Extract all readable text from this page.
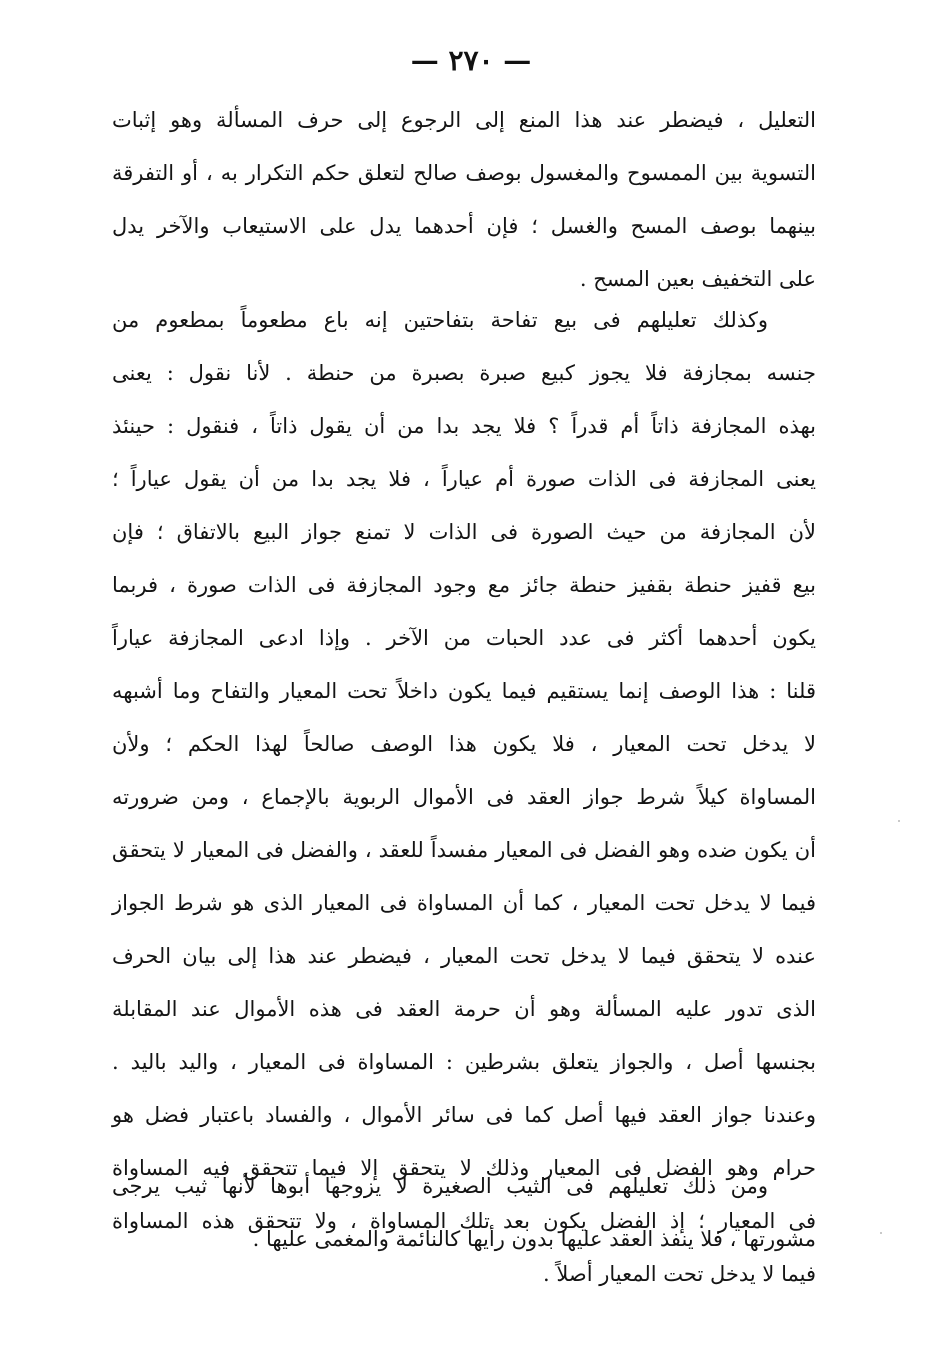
— ٢٧٠ —
التعليل ، فيضطر عند هذا المنع إلى الرجوع إلى حرف المسألة وهو إثبات
التسوية بين الممسوح والمغسول بوصف صالح لتعلق حكم التكرار به ، أو التفرقة
بينهما بوصف المسح والغسل ؛ فإن أحدهما يدل على الاستيعاب والآخر يدل
على التخفيف بعين المسح .
وكذلك تعليلهم فى بيع تفاحة بتفاحتين إنه باع مطعوماً بمطعوم من
جنسه بمجازفة فلا يجوز كبيع صبرة بصبرة من حنطة . لأنا نقول : يعنى
بهذه المجازفة ذاتاً أم قدراً ؟ فلا يجد بدا من أن يقول ذاتاً ، فنقول : حينئذ
يعنى المجازفة فى الذات صورة أم عياراً ، فلا يجد بدا من أن يقول عياراً ؛
لأن المجازفة من حيث الصورة فى الذات لا تمنع جواز البيع بالاتفاق ؛ فإن
بيع قفيز حنطة بقفيز حنطة جائز مع وجود المجازفة فى الذات صورة ، فربما
يكون أحدهما أكثر فى عدد الحبات من الآخر . وإذا ادعى المجازفة عياراً
قلنا : هذا الوصف إنما يستقيم فيما يكون داخلاً تحت المعيار والتفاح وما أشبهه
لا يدخل تحت المعيار ، فلا يكون هذا الوصف صالحاً لهذا الحكم ؛ ولأن
المساواة كيلاً شرط جواز العقد فى الأموال الربوية بالإجماع ، ومن ضرورته
أن يكون ضده وهو الفضل فى المعيار مفسداً للعقد ، والفضل فى المعيار لا يتحقق
فيما لا يدخل تحت المعيار ، كما أن المساواة فى المعيار الذى هو شرط الجواز
عنده لا يتحقق فيما لا يدخل تحت المعيار ، فيضطر عند هذا إلى بيان الحرف
الذى تدور عليه المسألة وهو أن حرمة العقد فى هذه الأموال عند المقابلة
بجنسها أصل ، والجواز يتعلق بشرطين : المساواة فى المعيار ، واليد باليد .
وعندنا جواز العقد فيها أصل كما فى سائر الأموال ، والفساد باعتبار فضل هو
حرام وهو الفضل فى المعيار وذلك لا يتحقق إلا فيما تتحقق فيه المساواة
فى المعيار ؛ إذ الفضل يكون بعد تلك المساواة ، ولا تتحقق هذه المساواة
فيما لا يدخل تحت المعيار أصلاً .
ومن ذلك تعليلهم فى الثيب الصغيرة لا يزوجها أبوها لأنها ثيب يرجى
مشورتها ، فلا ينفذ العقد عليها بدون رأيها كالنائمة والمغمى عليها .
